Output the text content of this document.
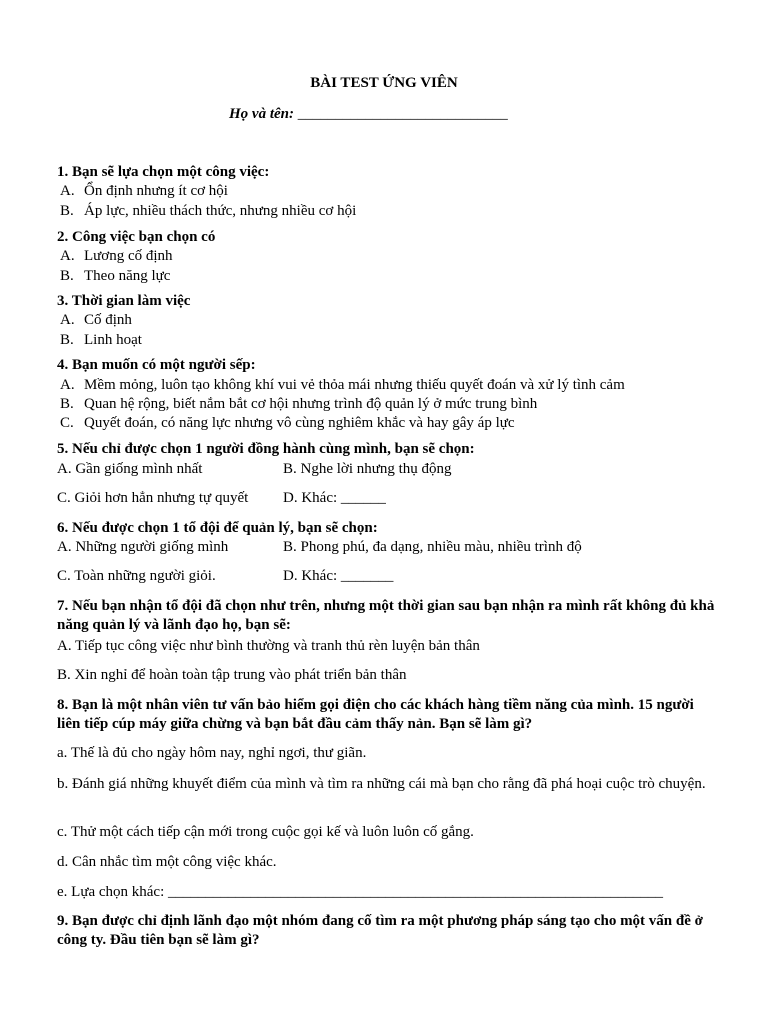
BÀI TEST ỨNG VIÊN
Họ và tên: ____________________________
1. Bạn sẽ lựa chọn một công việc:
A. Ổn định nhưng ít cơ hội
B. Áp lực, nhiều thách thức, nhưng nhiều cơ hội
2. Công việc bạn chọn có
A. Lương cố định
B. Theo năng lực
3. Thời gian làm việc
A. Cố định
B. Linh hoạt
4. Bạn muốn có một người sếp:
A. Mềm mỏng, luôn tạo không khí vui vẻ thỏa mái nhưng thiếu quyết đoán và xử lý tình cảm
B. Quan hệ rộng, biết nắm bắt cơ hội nhưng trình độ quản lý ở mức trung bình
C. Quyết đoán, có năng lực nhưng vô cùng nghiêm khắc và hay gây áp lực
5. Nếu chỉ được chọn 1 người đồng hành cùng mình, bạn sẽ chọn:
A. Gần giống mình nhất	B. Nghe lời nhưng thụ động
C. Giỏi hơn hẳn nhưng tự quyết D. Khác: ______
6. Nếu được chọn 1 tổ đội để quản lý, bạn sẽ chọn:
A. Những người giống mình	B. Phong phú, đa dạng, nhiều màu, nhiều trình độ
C. Toàn những người giỏi.	D. Khác: _______
7. Nếu bạn nhận tổ đội đã chọn như trên, nhưng một thời gian sau bạn nhận ra mình rất không đủ khả năng quản lý và lãnh đạo họ, bạn sẽ:
A. Tiếp tục công việc như bình thường và tranh thủ rèn luyện bản thân
B. Xin nghỉ để hoàn toàn tập trung vào phát triển bản thân
8. Bạn là một nhân viên tư vấn bảo hiểm gọi điện cho các khách hàng tiềm năng của mình. 15 người liên tiếp cúp máy giữa chừng và bạn bắt đầu cảm thấy nản. Bạn sẽ làm gì?
a. Thế là đủ cho ngày hôm nay, nghỉ ngơi, thư giãn.
b. Đánh giá những khuyết điểm của mình và tìm ra những cái mà bạn cho rằng đã phá hoại cuộc trò chuyện.
c. Thử một cách tiếp cận mới trong cuộc gọi kế và luôn luôn cố gắng.
d. Cân nhắc tìm một công việc khác.
e. Lựa chọn khác: __________________________________________________________________
9. Bạn được chỉ định lãnh đạo một nhóm đang cố tìm ra một phương pháp sáng tạo cho một vấn đề ở công ty. Đầu tiên bạn sẽ làm gì?
